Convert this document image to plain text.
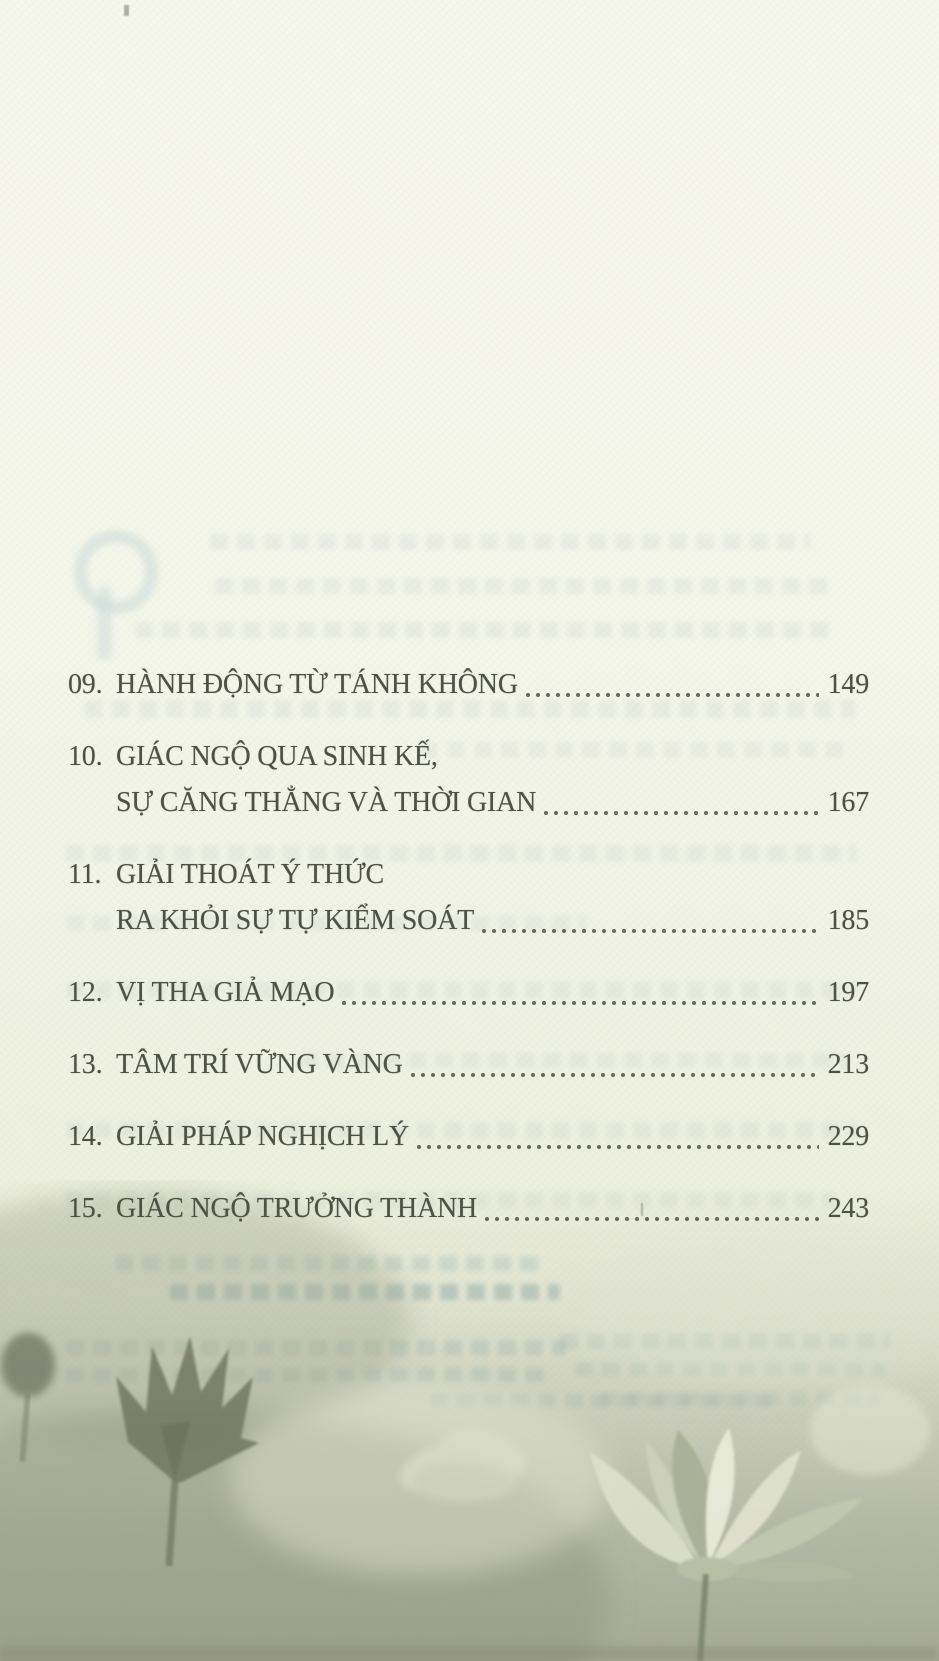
09. HÀNH ĐỘNG TỪ TÁNH KHÔNG	149
10. GIÁC NGỘ QUA SINH KẾ,
SỰ CĂNG THẲNG VÀ THỜI GIAN	167
11. GIẢI THOÁT Ý THỨC
RA KHỎI SỰ TỰ KIỂM SOÁT	185
12. VỊ THA GIẢ MẠO	197
13. TÂM TRÍ VỮNG VÀNG	213
14. GIẢI PHÁP NGHỊCH LÝ	229
15. GIÁC NGỘ TRƯỞNG THÀNH	243
